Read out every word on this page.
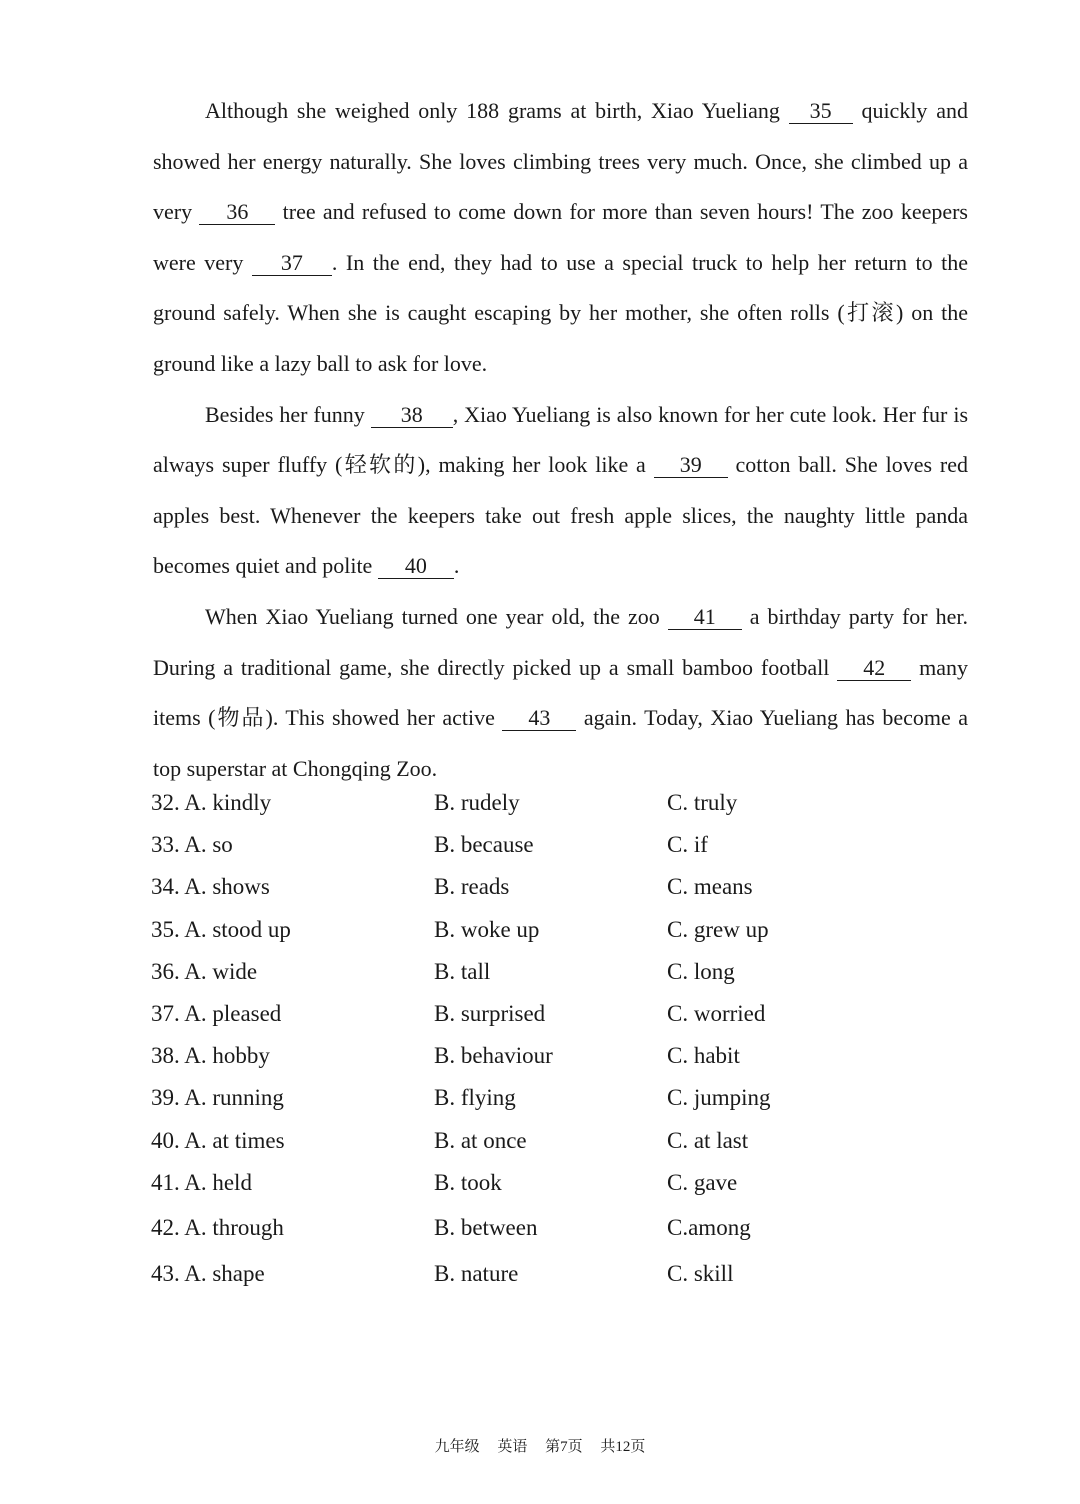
Although she weighed only 188 grams at birth, Xiao Yueliang 35 quickly and showed her energy naturally. She loves climbing trees very much. Once, she climbed up a very 36 tree and refused to come down for more than seven hours! The zoo keepers were very 37 . In the end, they had to use a special truck to help her return to the ground safely. When she is caught escaping by her mother, she often rolls (打滚) on the ground like a lazy ball to ask for love.

Besides her funny 38 , Xiao Yueliang is also known for her cute look. Her fur is always super fluffy (轻软的), making her look like a 39 cotton ball. She loves red apples best. Whenever the keepers take out fresh apple slices, the naughty little panda becomes quiet and polite 40 .

When Xiao Yueliang turned one year old, the zoo 41 a birthday party for her. During a traditional game, she directly picked up a small bamboo football 42 many items (物品). This showed her active 43 again. Today, Xiao Yueliang has become a top superstar at Chongqing Zoo.

32. A. kindly	B. rudely	C. truly
33. A. so	B. because	C. if
34. A. shows	B. reads	C. means
35. A. stood up	B. woke up	C. grew up
36. A. wide	B. tall	C. long
37. A. pleased	B. surprised	C. worried
38. A. hobby	B. behaviour	C. habit
39. A. running	B. flying	C. jumping
40. A. at times	B. at once	C. at last
41. A. held	B. took	C. gave
42. A. through	B. between	C.among
43. A. shape	B. nature	C. skill
九年级 英语 第7页 共12页
